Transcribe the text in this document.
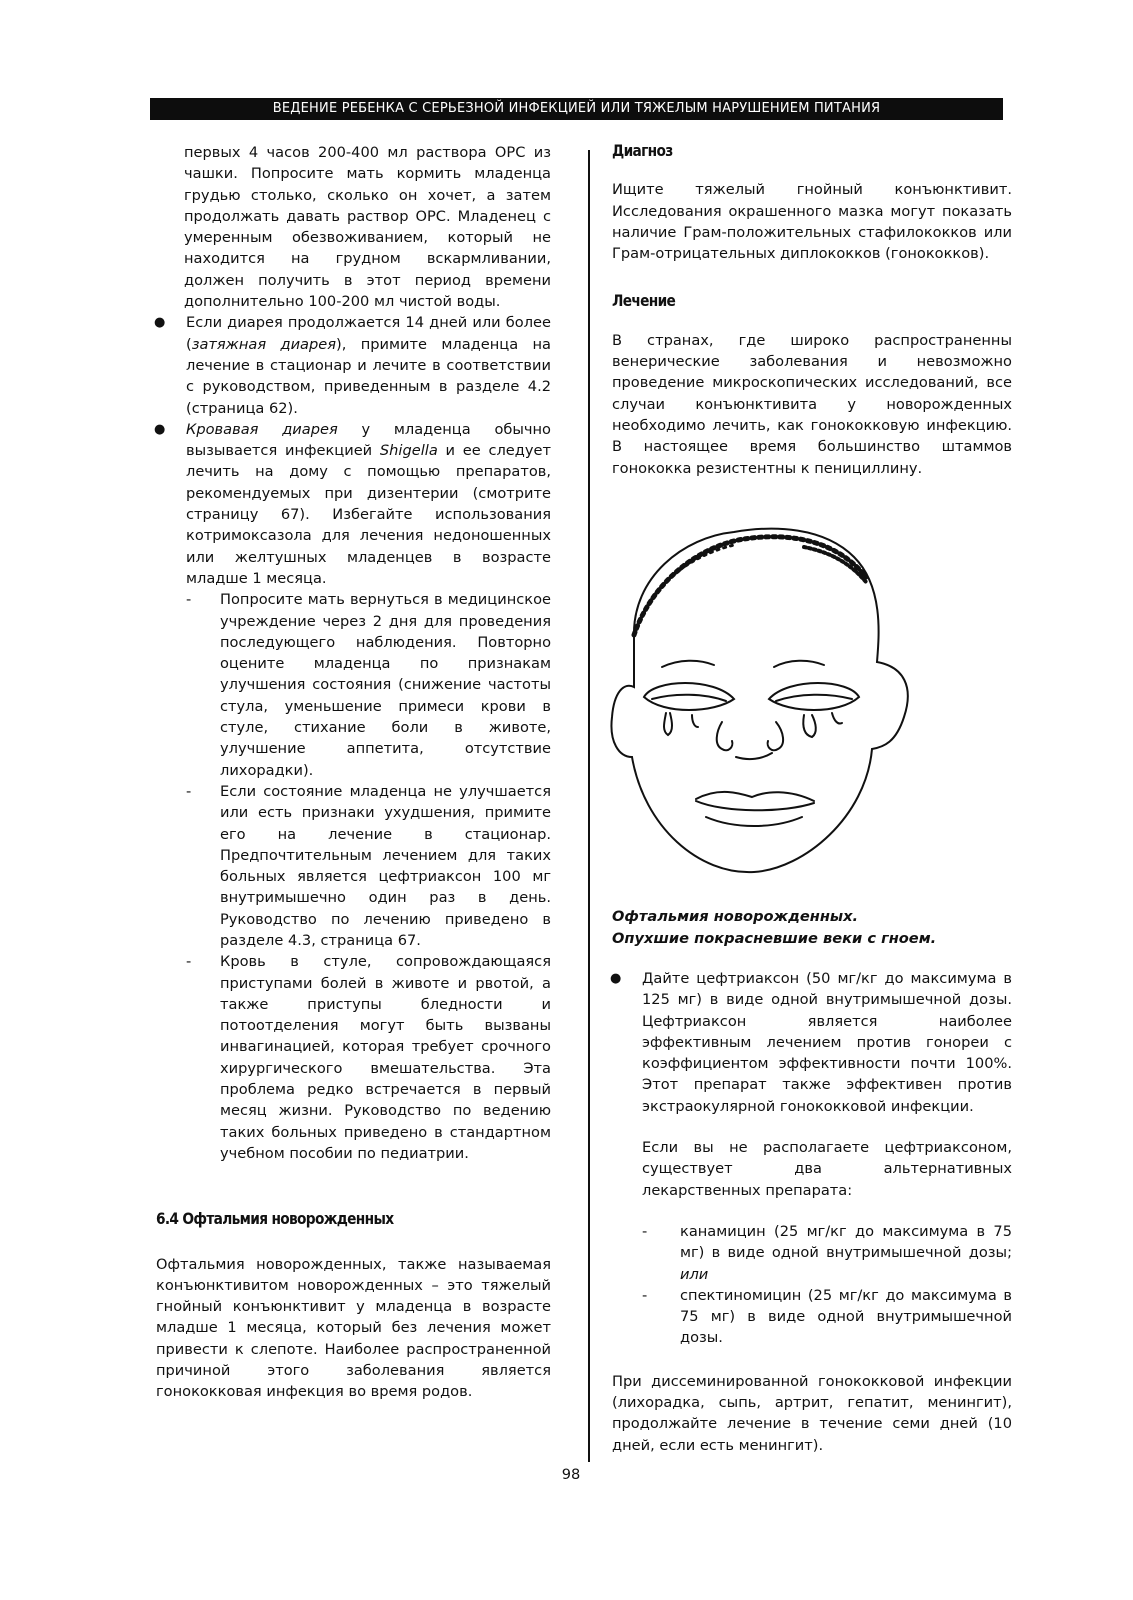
ВЕДЕНИЕ РЕБЕНКА С СЕРЬЕЗНОЙ ИНФЕКЦИЕЙ ИЛИ ТЯЖЕЛЫМ НАРУШЕНИЕМ ПИТАНИЯ

первых 4 часов 200-400 мл раствора ОРС из чашки. Попросите мать кормить младенца грудью столько, сколько он хочет, а затем продолжать давать раствор ОРС. Младенец с умеренным обезвоживанием, который не находится на грудном вскармливании, должен получить в этот период времени дополнительно 100-200 мл чистой воды.

● Если диарея продолжается 14 дней или более (затяжная диарея), примите младенца на лечение в стационар и лечите в соответствии с руководством, приведенным в разделе 4.2 (страница 62).

● Кровавая диарея у младенца обычно вызывается инфекцией Shigella и ее следует лечить на дому с помощью препаратов, рекомендуемых при дизентерии (смотрите страницу 67). Избегайте использования котримоксазола для лечения недоношенных или желтушных младенцев в возрасте младше 1 месяца.

- Попросите мать вернуться в медицинское учреждение через 2 дня для проведения последующего наблюдения. Повторно оцените младенца по признакам улучшения состояния (снижение частоты стула, уменьшение примеси крови в стуле, стихание боли в животе, улучшение аппетита, отсутствие лихорадки).

- Если состояние младенца не улучшается или есть признаки ухудшения, примите его на лечение в стационар. Предпочтительным лечением для таких больных является цефтриаксон 100 мг внутримышечно один раз в день. Руководство по лечению приведено в разделе 4.3, страница 67.

- Кровь в стуле, сопровождающаяся приступами болей в животе и рвотой, а также приступы бледности и потоотделения могут быть вызваны инвагинацией, которая требует срочного хирургического вмешательства. Эта проблема редко встречается в первый месяц жизни. Руководство по ведению таких больных приведено в стандартном учебном пособии по педиатрии.

6.4 Офтальмия новорожденных

Офтальмия новорожденных, также называемая конъюнктивитом новорожденных – это тяжелый гнойный конъюнктивит у младенца в возрасте младше 1 месяца, который без лечения может привести к слепоте. Наиболее распространенной причиной этого заболевания является гонококковая инфекция во время родов.

Диагноз

Ищите тяжелый гнойный конъюнктивит. Исследования окрашенного мазка могут показать наличие Грам-положительных стафилококков или Грам-отрицательных диплококков (гонококков).

Лечение

В странах, где широко распространенны венерические заболевания и невозможно проведение микроскопических исследований, все случаи конъюнктивита у новорожденных необходимо лечить, как гонококковую инфекцию. В настоящее время большинство штаммов гонококка резистентны к пенициллину.

Офтальмия новорожденных.
Опухшие покрасневшие веки с гноем.

● Дайте цефтриаксон (50 мг/кг до максимума в 125 мг) в виде одной внутримышечной дозы. Цефтриаксон является наиболее эффективным лечением против гонореи с коэффициентом эффективности почти 100%. Этот препарат также эффективен против экстраокулярной гонококковой инфекции.

Если вы не располагаете цефтриаксоном, существует два альтернативных лекарственных препарата:

- канамицин (25 мг/кг до максимума в 75 мг) в виде одной внутримышечной дозы; или

- спектиномицин (25 мг/кг до максимума в 75 мг) в виде одной внутримышечной дозы.

При диссеминированной гонококковой инфекции (лихорадка, сыпь, артрит, гепатит, менингит), продолжайте лечение в течение семи дней (10 дней, если есть менингит).

98
